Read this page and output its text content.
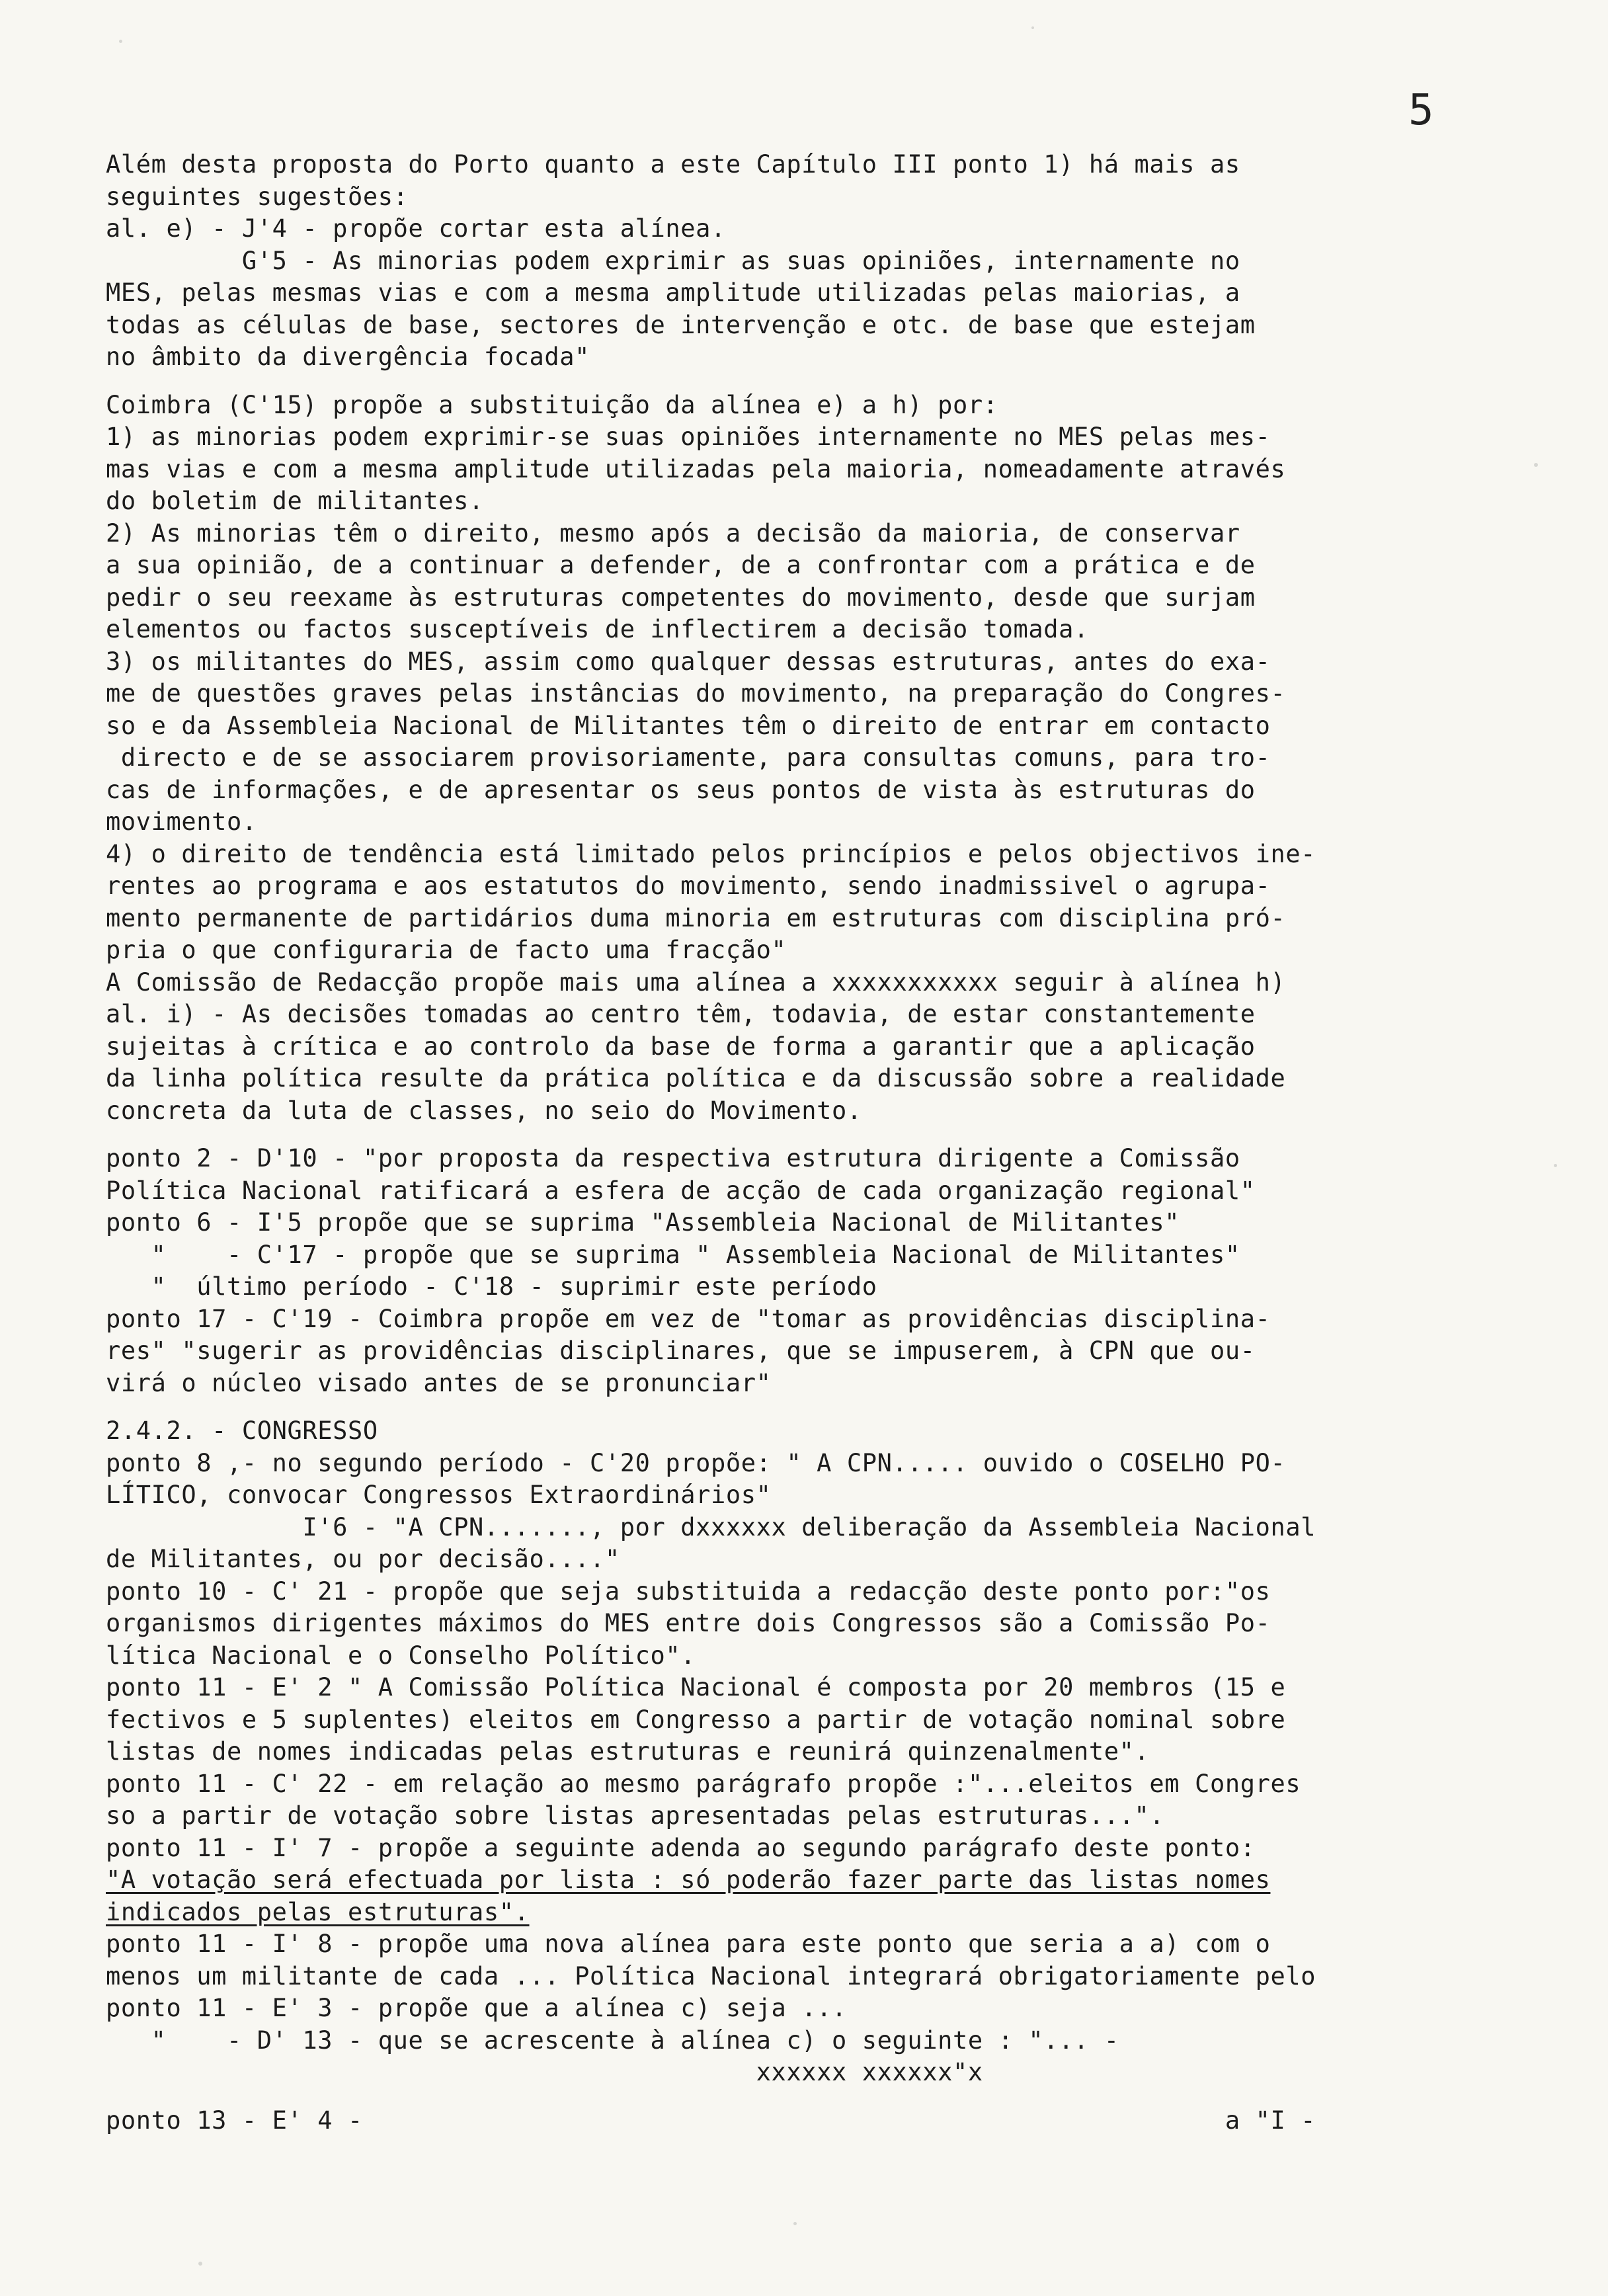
5
Além desta proposta do Porto quanto a este Capítulo III ponto 1) há mais as
seguintes sugestões:
al. e) - J'4 - propõe cortar esta alínea.
G'5 - As minorias podem exprimir as suas opiniões, internamente no
MES, pelas mesmas vias e com a mesma amplitude utilizadas pelas maiorias, a
todas as células de base, sectores de intervenção e otc. de base que estejam
no âmbito da divergência focada"
Coimbra (C'15) propõe a substituição da alínea e) a h) por:
1) as minorias podem exprimir-se suas opiniões internamente no MES pelas mes-
mas vias e com a mesma amplitude utilizadas pela maioria, nomeadamente através
do boletim de militantes.
2) As minorias têm o direito, mesmo após a decisão da maioria, de conservar
a sua opinião, de a continuar a defender, de a confrontar com a prática e de
pedir o seu reexame às estruturas competentes do movimento, desde que surjam
elementos ou factos susceptíveis de inflectirem a decisão tomada.
3) os militantes do MES, assim como qualquer dessas estruturas, antes do exa-
me de questões graves pelas instâncias do movimento, na preparação do Congres-
so e da Assembleia Nacional de Militantes têm o direito de entrar em contacto
directo e de se associarem provisoriamente, para consultas comuns, para tro-
cas de informações, e de apresentar os seus pontos de vista às estruturas do
movimento.
4) o direito de tendência está limitado pelos princípios e pelos objectivos ine-
rentes ao programa e aos estatutos do movimento, sendo inadmissivel o agrupa-
mento permanente de partidários duma minoria em estruturas com disciplina pró-
pria o que configuraria de facto uma fracção"
A Comissão de Redacção propõe mais uma alínea a xxxxxxxxxxx seguir à alínea h)
al. i) - As decisões tomadas ao centro têm, todavia, de estar constantemente
sujeitas à crítica e ao controlo da base de forma a garantir que a aplicação
da linha política resulte da prática política e da discussão sobre a realidade
concreta da luta de classes, no seio do Movimento.
ponto 2 - D'10 - "por proposta da respectiva estrutura dirigente a Comissão
Política Nacional ratificará a esfera de acção de cada organização regional"
ponto 6 - I'5 propõe que se suprima "Assembleia Nacional de Militantes"
"    - C'17 - propõe que se suprima " Assembleia Nacional de Militantes"
"  último período - C'18 - suprimir este período
ponto 17 - C'19 - Coimbra propõe em vez de "tomar as providências disciplina-
res" "sugerir as providências disciplinares, que se impuserem, à CPN que ou-
virá o núcleo visado antes de se pronunciar"
2.4.2. - CONGRESSO
ponto 8 ,- no segundo período - C'20 propõe: " A CPN..... ouvido o COSELHO PO-
LÍTICO, convocar Congressos Extraordinários"
I'6 - "A CPN......., por dxxxxxx deliberação da Assembleia Nacional
de Militantes, ou por decisão...."
ponto 10 - C' 21 - propõe que seja substituida a redacção deste ponto por:"os
organismos dirigentes máximos do MES entre dois Congressos são a Comissão Po-
lítica Nacional e o Conselho Político".
ponto 11 - E' 2 " A Comissão Política Nacional é composta por 20 membros (15 e
fectivos e 5 suplentes) eleitos em Congresso a partir de votação nominal sobre
listas de nomes indicadas pelas estruturas e reunirá quinzenalmente".
ponto 11 - C' 22 - em relação ao mesmo parágrafo propõe :"...eleitos em Congres
so a partir de votação sobre listas apresentadas pelas estruturas...".
ponto 11 - I' 7 - propõe a seguinte adenda ao segundo parágrafo deste ponto:
"A votação será efectuada por lista : só poderão fazer parte das listas nomes
indicados pelas estruturas".
ponto 11 - I' 8 - propõe uma nova alínea para este ponto que seria a a) com o
menos um militante de cada ... Política Nacional integrará obrigatoriamente pelo
ponto 11 - E' 3 - propõe que a alínea c) seja ...
"    - D' 13 - que se acrescente à alínea c) o seguinte : "... -
xxxxxx xxxxxx"x
ponto 13 - E' 4 -                                                         a "I -
